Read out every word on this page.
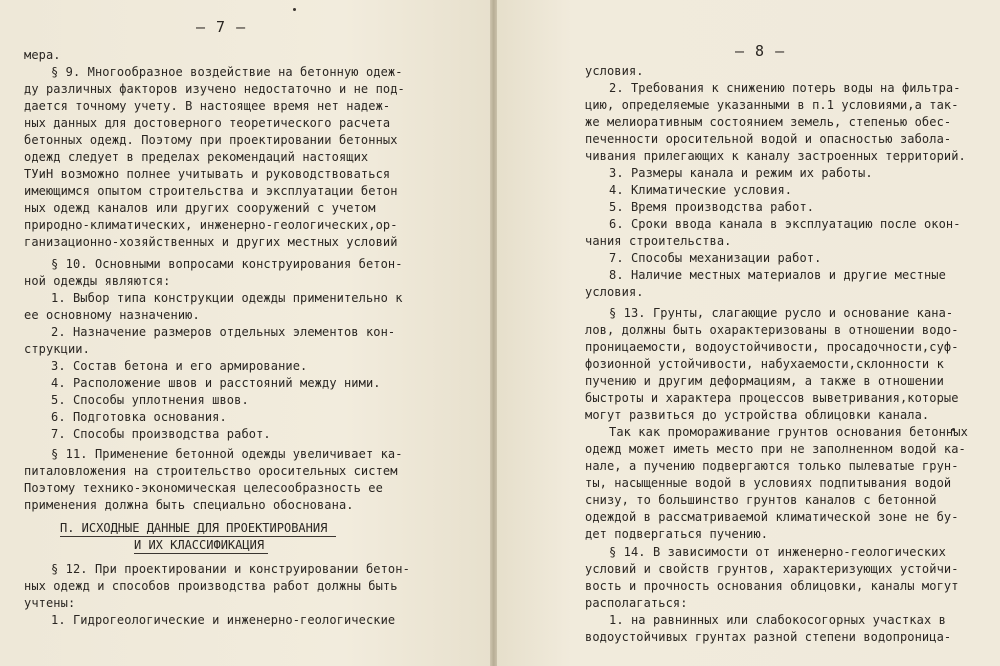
— 7 —
мера.
§ 9. Многообразное воздействие на бетонную одеж-
ду различных факторов изучено недостаточно и не под-
дается точному учету. В настоящее время нет надеж-
ных данных для достоверного теоретического расчета
бетонных одежд. Поэтому при проектировании бетонных
одежд следует в пределах рекомендаций настоящих
ТУиН возможно полнее учитывать и руководствоваться
имеющимся опытом строительства и эксплуатации бетон
ных одежд каналов или других сооружений с учетом
природно-климатических, инженерно-геологических,ор-
ганизационно-хозяйственных и других местных условий
§ 10. Основными вопросами конструирования бетон-
ной одежды являются:
1. Выбор типа конструкции одежды применительно к
ее основному назначению.
2. Назначение размеров отдельных элементов кон-
струкции.
3. Состав бетона и его армирование.
4. Расположение швов и расстояний между ними.
5. Способы уплотнения швов.
6. Подготовка основания.
7. Способы производства работ.
§ 11. Применение бетонной одежды увеличивает ка-
питаловложения на строительство оросительных систем
Поэтому технико-экономическая целесообразность ее
применения должна быть специально обоснована.
П. ИСХОДНЫЕ ДАННЫЕ ДЛЯ ПРОЕКТИРОВАНИЯ
И ИХ КЛАССИФИКАЦИЯ
§ 12. При проектировании и конструировании бетон-
ных одежд и способов производства работ должны быть
учтены:
1. Гидрогеологические и инженерно-геологические
— 8 —
условия.
2. Требования к снижению потерь воды на фильтра-
цию, определяемые указанными в п.1 условиями,а так-
же мелиоративным состоянием земель, степенью обес-
печенности оросительной водой и опасностью забола-
чивания прилегающих к каналу застроенных территорий.
3. Размеры канала и режим их работы.
4. Климатические условия.
5. Время производства работ.
6. Сроки ввода канала в эксплуатацию после окон-
чания строительства.
7. Способы механизации работ.
8. Наличие местных материалов и другие местные
условия.
§ 13. Грунты, слагающие русло и основание кана-
лов, должны быть охарактеризованы в отношении водо-
проницаемости, водоустойчивости, просадочности,суф-
фозионной устойчивости, набухаемости,склонности к
пучению и другим деформациям, а также в отношении
быстроты и характера процессов выветривания,которые
могут развиться до устройства облицовки канала.
Так как промораживание грунтов основания бетонных
одежд может иметь место при не заполненном водой ка-
нале, а пучению подвергаются только пылеватые грун-
ты, насыщенные водой в условиях подпитывания водой
снизу, то большинство грунтов каналов с бетонной
одеждой в рассматриваемой климатической зоне не бу-
дет подвергаться пучению.
§ 14. В зависимости от инженерно-геологических
условий и свойств грунтов, характеризующих устойчи-
вость и прочность основания облицовки, каналы могут
располагаться:
1. на равнинных или слабокосогорных участках в
водоустойчивых грунтах разной степени водопроница-
